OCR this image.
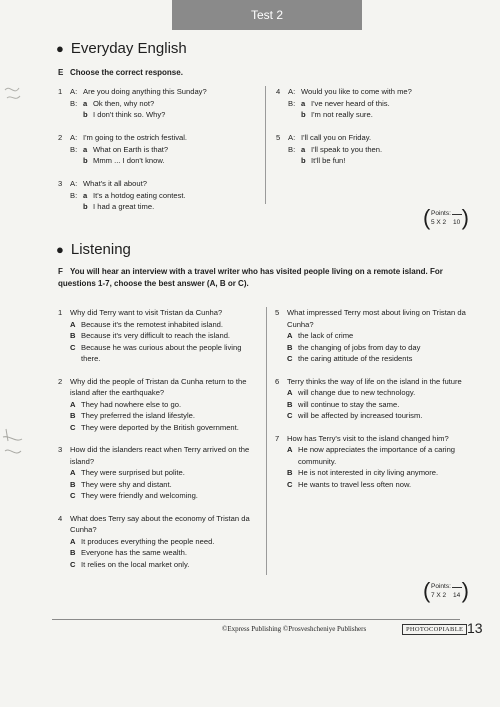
Test 2
● Everyday English
E Choose the correct response.
1	A: Are you doing anything this Sunday?
B: a Ok then, why not?
b I don't think so. Why?
2	A: I'm going to the ostrich festival.
B: a What on Earth is that?
b Mmm ... I don't know.
3	A: What's it all about?
B: a It's a hotdog eating contest.
b I had a great time.
4	A: Would you like to come with me?
B: a I've never heard of this.
b I'm not really sure.
5	A: I'll call you on Friday.
B: a I'll speak to you then.
b It'll be fun!
( )
Points:
5 X 2 10
● Listening
F You will hear an interview with a travel writer who has visited people living on a remote island. For questions 1-7, choose the best answer (A, B or C).
1	Why did Terry want to visit Tristan da Cunha?
A Because it's the remotest inhabited island.
B Because it's very difficult to reach the island.
C Because he was curious about the people living there.
2	Why did the people of Tristan da Cunha return to the island after the earthquake?
A They had nowhere else to go.
B They preferred the island lifestyle.
C They were deported by the British government.
3	How did the islanders react when Terry arrived on the island?
A They were surprised but polite.
B They were shy and distant.
C They were friendly and welcoming.
4	What does Terry say about the economy of Tristan da Cunha?
A It produces everything the people need.
B Everyone has the same wealth.
C It relies on the local market only.
5	What impressed Terry most about living on Tristan da Cunha?
A the lack of crime
B the changing of jobs from day to day
C the caring attitude of the residents
6	Terry thinks the way of life on the island in the future
A will change due to new technology.
B will continue to stay the same.
C will be affected by increased tourism.
7	How has Terry's visit to the island changed him?
A He now appreciates the importance of a caring community.
B He is not interested in city living anymore.
C He wants to travel less often now.
( )
Points:
7 X 2 14
©Express Publishing ©Prosveshcheniye Publishers	PHOTOCOPIABLE 13
